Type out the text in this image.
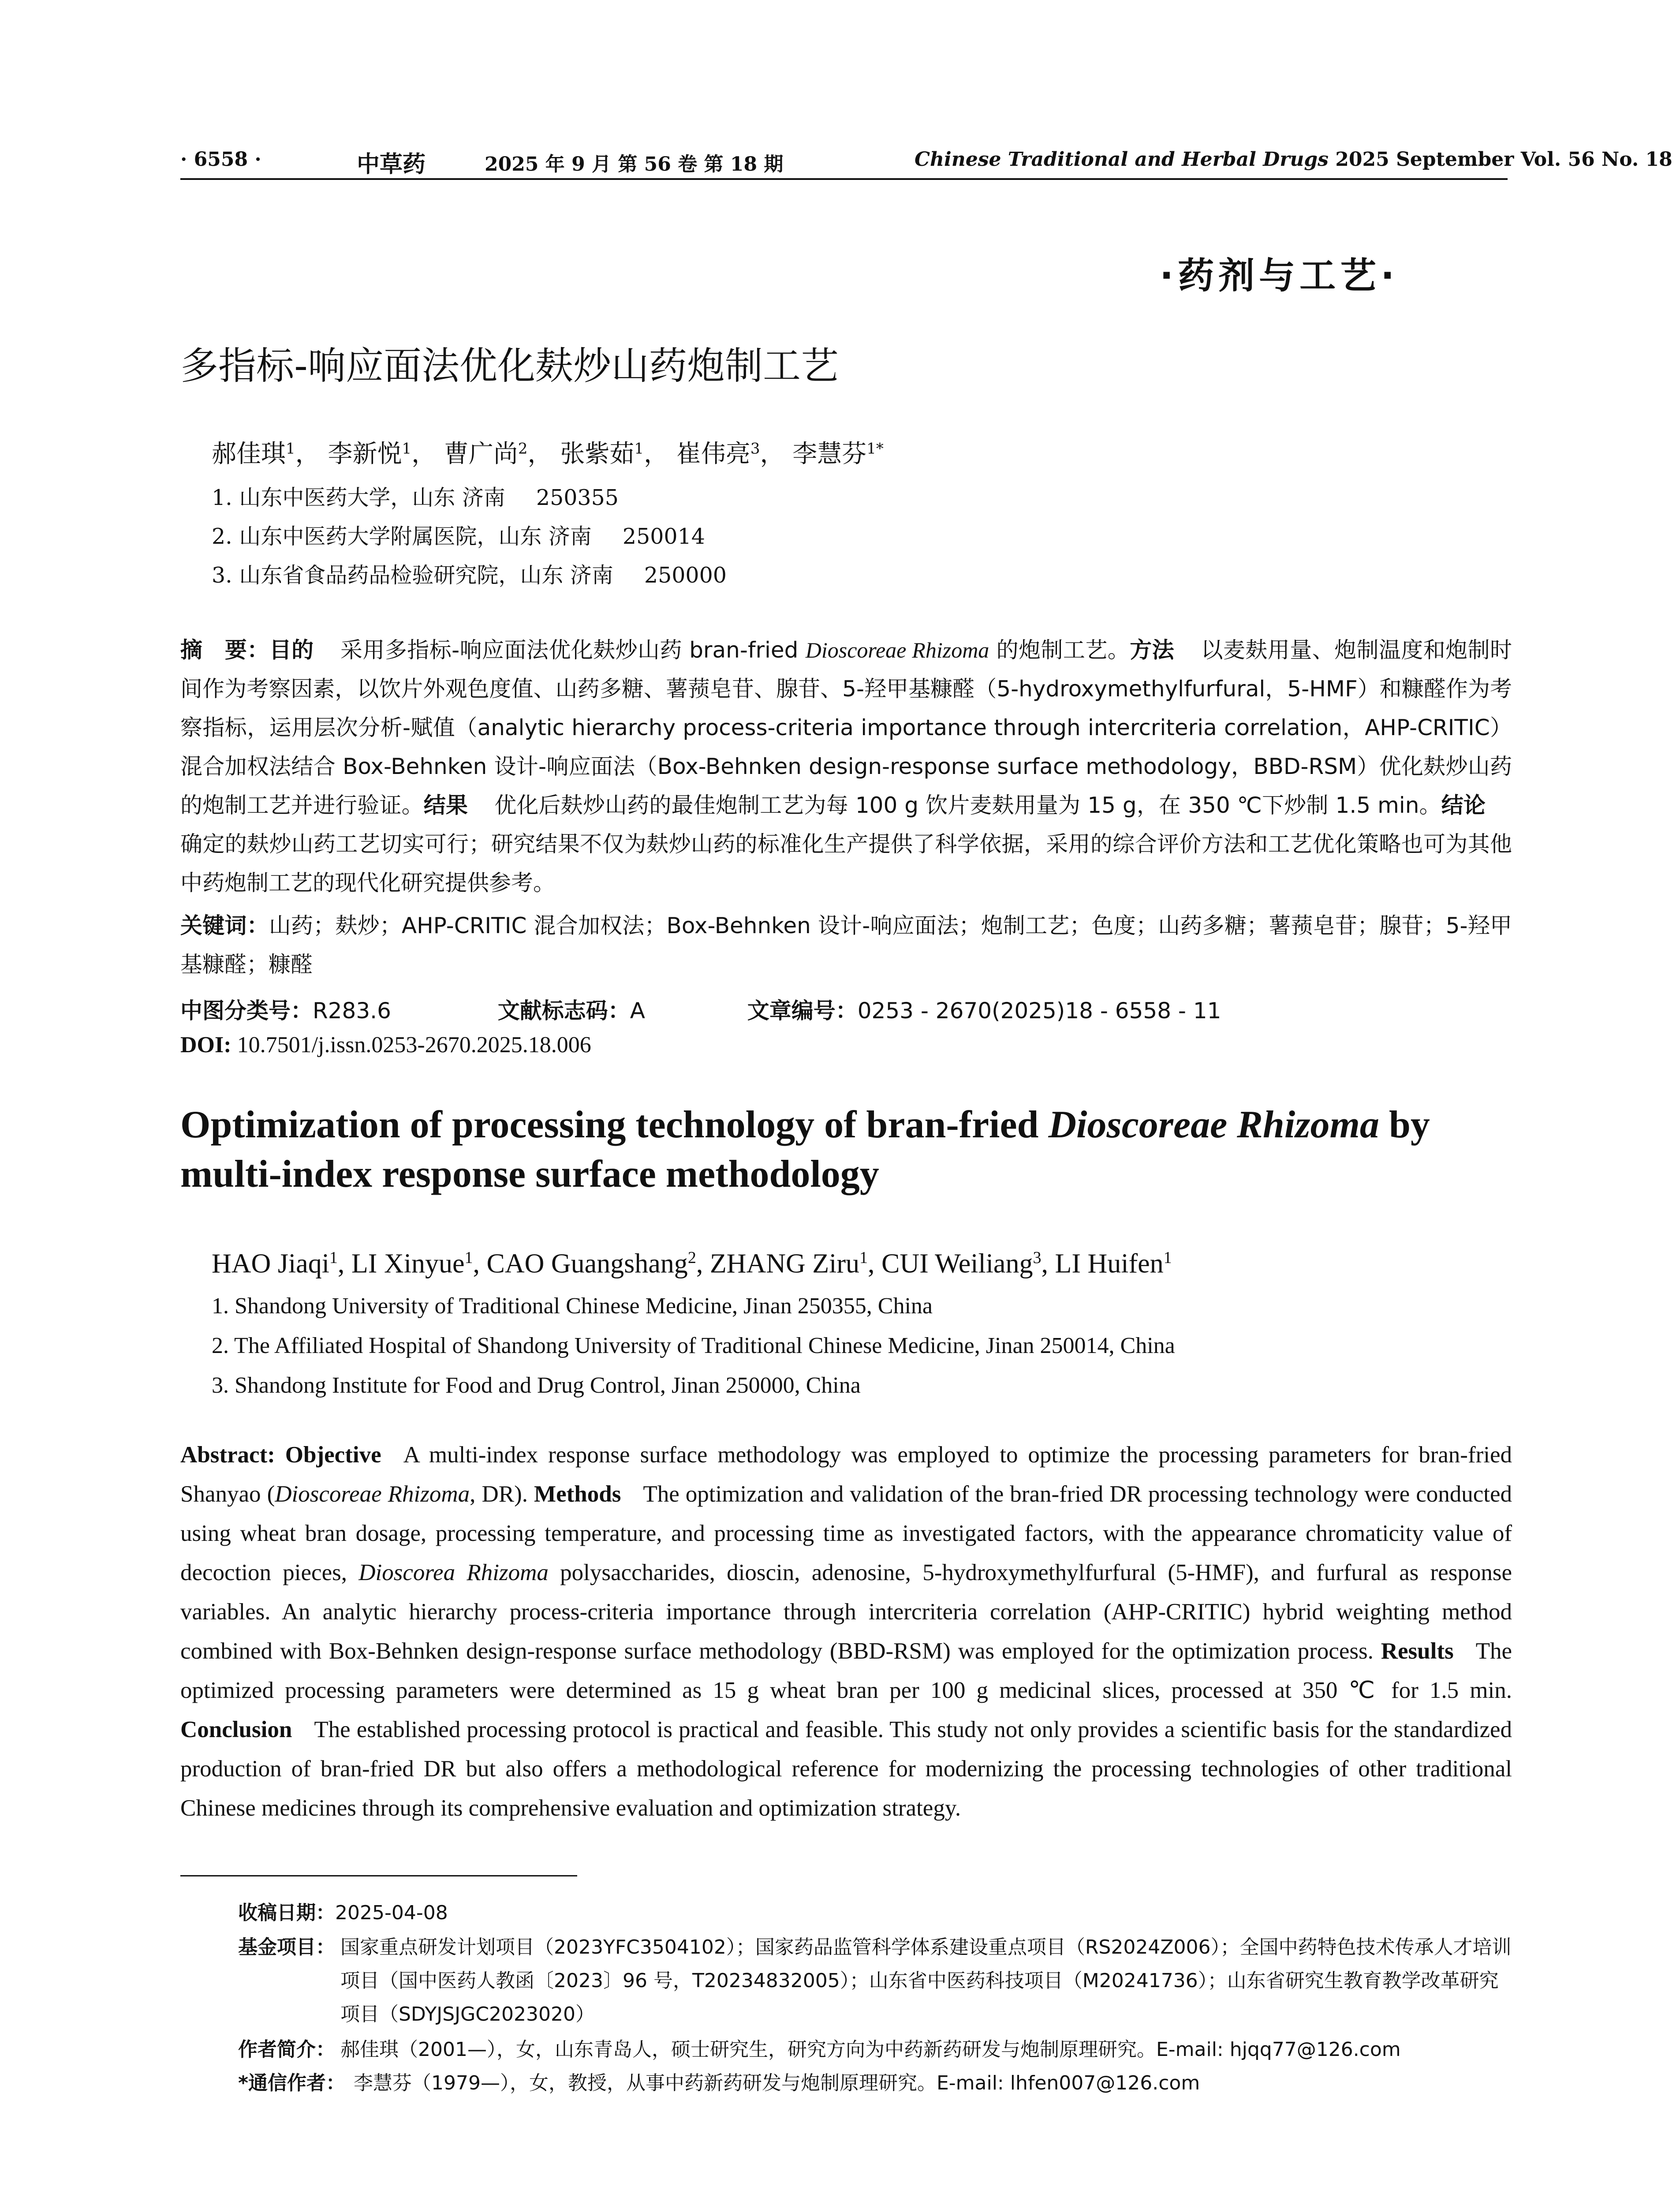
· 6558 ·	中草药	2025 年 9 月 第 56 卷 第 18 期	Chinese Traditional and Herbal Drugs 2025 September Vol. 56 No. 18
·药剂与工艺·
多指标-响应面法优化麸炒山药炮制工艺
郝佳琪$^1$， 李新悦$^1$， 曹广尚$^2$， 张紫茹$^1$， 崔伟亮$^3$， 李慧芬$^{1*}$
1. 山东中医药大学，山东 济南 250355
2. 山东中医药大学附属医院，山东 济南 250014
3. 山东省食品药品检验研究院，山东 济南 250000
摘　要：目的 采用多指标-响应面法优化麸炒山药 bran-fried Dioscoreae Rhizoma 的炮制工艺。方法 以麦麸用量、炮制温度和炮制时间作为考察因素，以饮片外观色度值、山药多糖、薯蓣皂苷、腺苷、5-羟甲基糠醛（5-hydroxymethylfurfural，5-HMF）和糠醛作为考察指标，运用层次分析-赋值（analytic hierarchy process-criteria importance through intercriteria correlation，AHP-CRITIC）混合加权法结合 Box-Behnken 设计-响应面法（Box-Behnken design-response surface methodology，BBD-RSM）优化麸炒山药的炮制工艺并进行验证。结果 优化后麸炒山药的最佳炮制工艺为每 100 g 饮片麦麸用量为 15 g，在 350 ℃下炒制 1.5 min。结论确定的麸炒山药工艺切实可行；研究结果不仅为麸炒山药的标准化生产提供了科学依据，采用的综合评价方法和工艺优化策略也可为其他中药炮制工艺的现代化研究提供参考。
关键词：山药；麸炒；AHP-CRITIC 混合加权法；Box-Behnken 设计-响应面法；炮制工艺；色度；山药多糖；薯蓣皂苷；腺苷；5-羟甲基糠醛；糠醛
中图分类号：R283.6	文献标志码：A	文章编号：0253 - 2670(2025)18 - 6558 - 11
DOI: 10.7501/j.issn.0253-2670.2025.18.006
Optimization of processing technology of bran-fried Dioscoreae Rhizoma by multi-index response surface methodology
HAO Jiaqi$^1$, LI Xinyue$^1$, CAO Guangshang$^2$, ZHANG Ziru$^1$, CUI Weiliang$^3$, LI Huifen$^1$
1. Shandong University of Traditional Chinese Medicine, Jinan 250355, China
2. The Affiliated Hospital of Shandong University of Traditional Chinese Medicine, Jinan 250014, China
3. Shandong Institute for Food and Drug Control, Jinan 250000, China
Abstract: Objective A multi-index response surface methodology was employed to optimize the processing parameters for bran-fried Shanyao (Dioscoreae Rhizoma, DR). Methods The optimization and validation of the bran-fried DR processing technology were conducted using wheat bran dosage, processing temperature, and processing time as investigated factors, with the appearance chromaticity value of decoction pieces, Dioscorea Rhizoma polysaccharides, dioscin, adenosine, 5-hydroxymethylfurfural (5-HMF), and furfural as response variables. An analytic hierarchy process-criteria importance through intercriteria correlation (AHP-CRITIC) hybrid weighting method combined with Box-Behnken design-response surface methodology (BBD-RSM) was employed for the optimization process. Results The optimized processing parameters were determined as 15 g wheat bran per 100 g medicinal slices, processed at 350 ℃ for 1.5 min. Conclusion The established processing protocol is practical and feasible. This study not only provides a scientific basis for the standardized production of bran-fried DR but also offers a methodological reference for modernizing the processing technologies of other traditional Chinese medicines through its comprehensive evaluation and optimization strategy.
收稿日期：2025-04-08
基金项目： 国家重点研发计划项目（2023YFC3504102）；国家药品监管科学体系建设重点项目（RS2024Z006）；全国中药特色技术传承人才培训项目（国中医药人教函〔2023〕96 号，T20234832005）；山东省中医药科技项目（M202417​36）；山东省研究生教育教学改革研究项目（SDYJSJGC2023020）
作者简介： 郝佳琪（2001—），女，山东青岛人，硕士研究生，研究方向为中药新药研发与炮制原理研究。E-mail: hjqq77@126.com
*通信作者： 李慧芬（1979—），女，教授，从事中药新药研发与炮制原理研究。E-mail: lhfen007@126.com
